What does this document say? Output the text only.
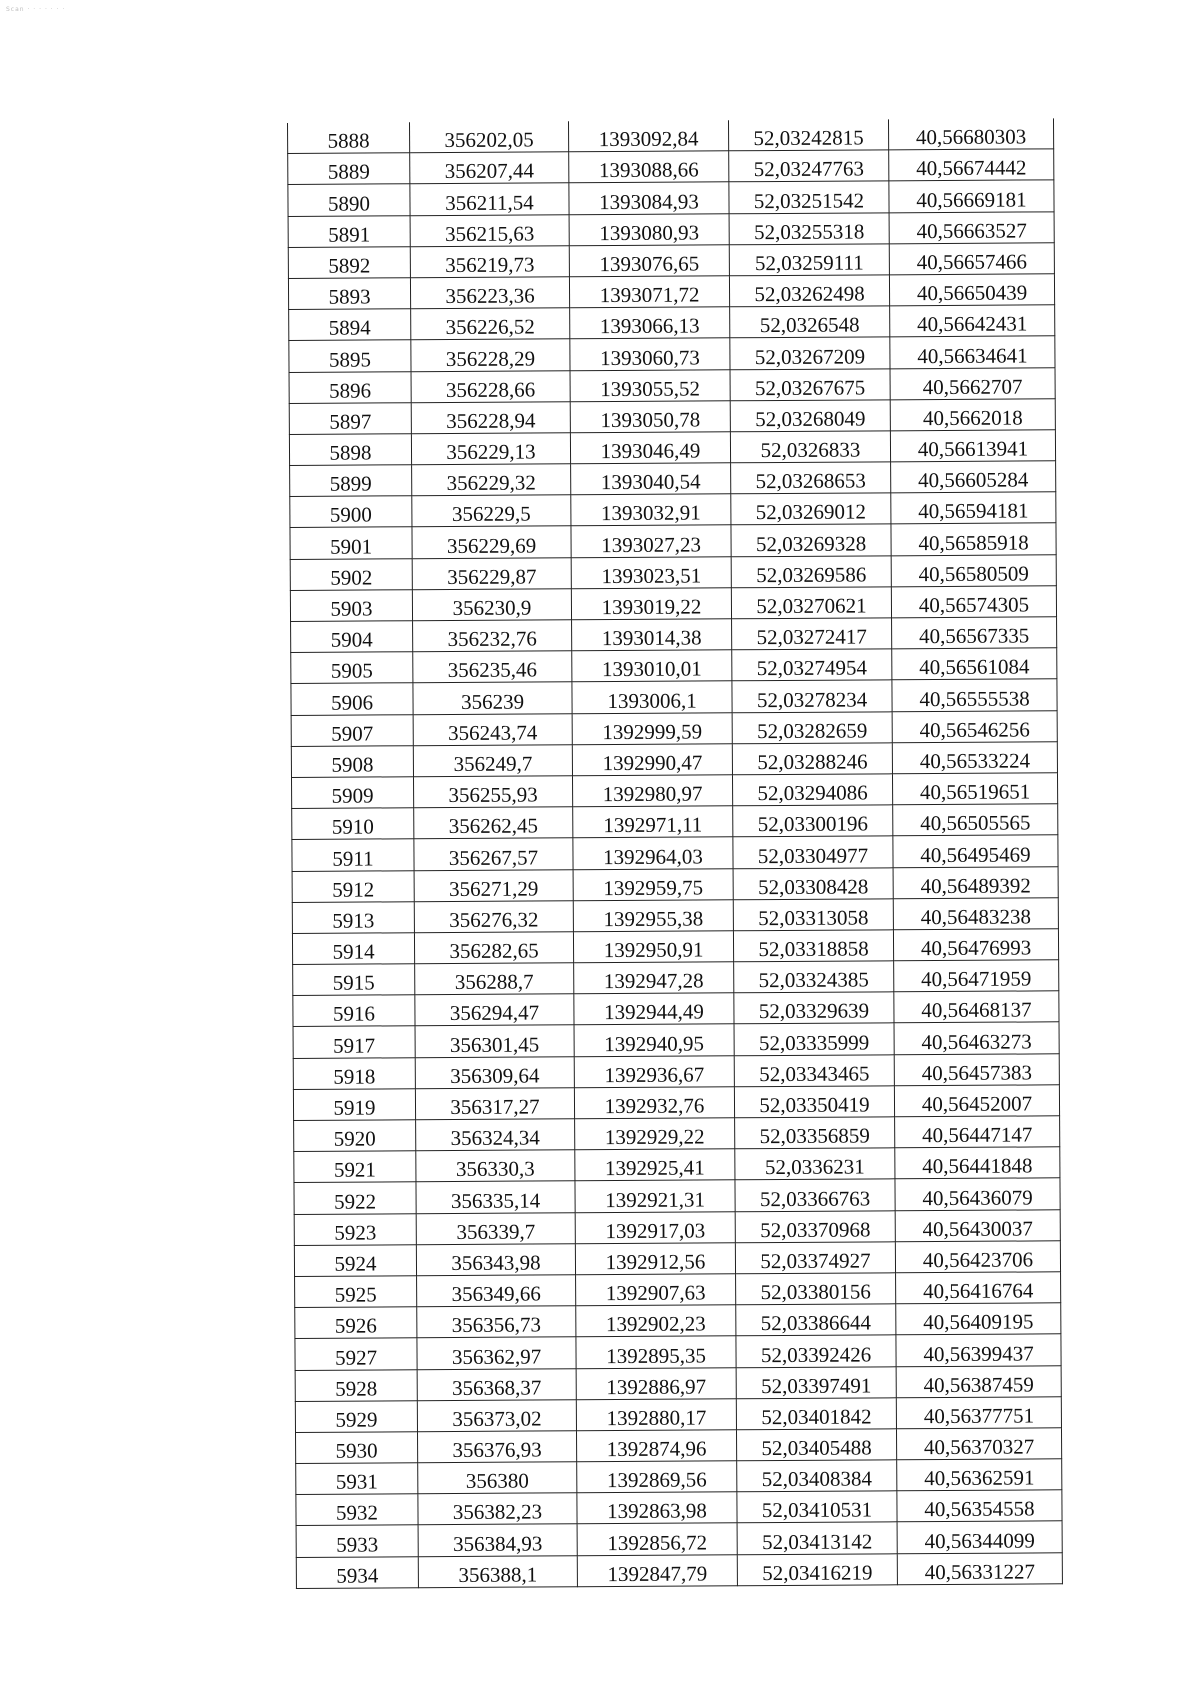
Scan · · · · · · ·
5888	356202,05	1393092,84	52,03242815	40,56680303
5889	356207,44	1393088,66	52,03247763	40,56674442
5890	356211,54	1393084,93	52,03251542	40,56669181
5891	356215,63	1393080,93	52,03255318	40,56663527
5892	356219,73	1393076,65	52,03259111	40,56657466
5893	356223,36	1393071,72	52,03262498	40,56650439
5894	356226,52	1393066,13	52,0326548	40,56642431
5895	356228,29	1393060,73	52,03267209	40,56634641
5896	356228,66	1393055,52	52,03267675	40,5662707
5897	356228,94	1393050,78	52,03268049	40,5662018
5898	356229,13	1393046,49	52,0326833	40,56613941
5899	356229,32	1393040,54	52,03268653	40,56605284
5900	356229,5	1393032,91	52,03269012	40,56594181
5901	356229,69	1393027,23	52,03269328	40,56585918
5902	356229,87	1393023,51	52,03269586	40,56580509
5903	356230,9	1393019,22	52,03270621	40,56574305
5904	356232,76	1393014,38	52,03272417	40,56567335
5905	356235,46	1393010,01	52,03274954	40,56561084
5906	356239	1393006,1	52,03278234	40,56555538
5907	356243,74	1392999,59	52,03282659	40,56546256
5908	356249,7	1392990,47	52,03288246	40,56533224
5909	356255,93	1392980,97	52,03294086	40,56519651
5910	356262,45	1392971,11	52,03300196	40,56505565
5911	356267,57	1392964,03	52,03304977	40,56495469
5912	356271,29	1392959,75	52,03308428	40,56489392
5913	356276,32	1392955,38	52,03313058	40,56483238
5914	356282,65	1392950,91	52,03318858	40,56476993
5915	356288,7	1392947,28	52,03324385	40,56471959
5916	356294,47	1392944,49	52,03329639	40,56468137
5917	356301,45	1392940,95	52,03335999	40,56463273
5918	356309,64	1392936,67	52,03343465	40,56457383
5919	356317,27	1392932,76	52,03350419	40,56452007
5920	356324,34	1392929,22	52,03356859	40,56447147
5921	356330,3	1392925,41	52,0336231	40,56441848
5922	356335,14	1392921,31	52,03366763	40,56436079
5923	356339,7	1392917,03	52,03370968	40,56430037
5924	356343,98	1392912,56	52,03374927	40,56423706
5925	356349,66	1392907,63	52,03380156	40,56416764
5926	356356,73	1392902,23	52,03386644	40,56409195
5927	356362,97	1392895,35	52,03392426	40,56399437
5928	356368,37	1392886,97	52,03397491	40,56387459
5929	356373,02	1392880,17	52,03401842	40,56377751
5930	356376,93	1392874,96	52,03405488	40,56370327
5931	356380	1392869,56	52,03408384	40,56362591
5932	356382,23	1392863,98	52,03410531	40,56354558
5933	356384,93	1392856,72	52,03413142	40,56344099
5934	356388,1	1392847,79	52,03416219	40,56331227
